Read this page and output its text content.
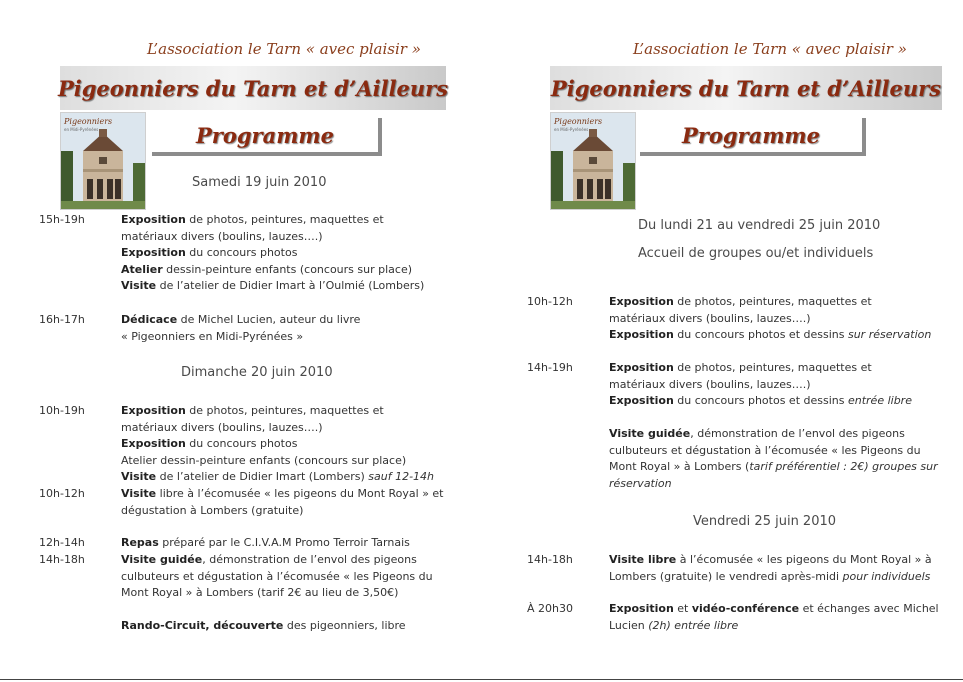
L’association le Tarn « avec plaisir »
Pigeonniers du Tarn et d’Ailleurs
Pigeonniers
en Midi-Pyrénées	Programme
Samedi 19 juin 2010
15h-19h	Exposition de photos, peintures, maquettes et
matériaux divers (boulins, lauzes….)
Exposition du concours photos
Atelier dessin-peinture enfants (concours sur place)
Visite de l’atelier de Didier Imart à l’Oulmié (Lombers)
16h-17h	Dédicace de Michel Lucien, auteur du livre
« Pigeonniers en Midi-Pyrénées »
Dimanche 20 juin 2010
10h-19h	Exposition de photos, peintures, maquettes et
matériaux divers (boulins, lauzes….)
Exposition du concours photos
Atelier dessin-peinture enfants (concours sur place)
Visite de l’atelier de Didier Imart (Lombers) sauf 12-14h
10h-12h	Visite libre à l’écomusée « les pigeons du Mont Royal » et
dégustation à Lombers (gratuite)
12h-14h	Repas préparé par le C.I.V.A.M Promo Terroir Tarnais
14h-18h	Visite guidée, démonstration de l’envol des pigeons
culbuteurs et dégustation à l’écomusée « les Pigeons du
Mont Royal » à Lombers (tarif 2€ au lieu de 3,50€)
Rando-Circuit, découverte des pigeonniers, libre
L’association le Tarn « avec plaisir »
Pigeonniers du Tarn et d’Ailleurs
Pigeonniers
en Midi-Pyrénées	Programme
Du lundi 21 au vendredi 25 juin 2010
Accueil de groupes ou/et individuels
10h-12h	Exposition de photos, peintures, maquettes et
matériaux divers (boulins, lauzes….)
Exposition du concours photos et dessins sur réservation
14h-19h	Exposition de photos, peintures, maquettes et
matériaux divers (boulins, lauzes….)
Exposition du concours photos et dessins entrée libre
Visite guidée, démonstration de l’envol des pigeons
culbuteurs et dégustation à l’écomusée « les Pigeons du
Mont Royal » à Lombers (tarif préférentiel : 2€) groupes sur
réservation
Vendredi 25 juin 2010
14h-18h	Visite libre à l’écomusée « les pigeons du Mont Royal » à
Lombers (gratuite) le vendredi après-midi pour individuels
À 20h30	Exposition et vidéo-conférence et échanges avec Michel
Lucien (2h) entrée libre
